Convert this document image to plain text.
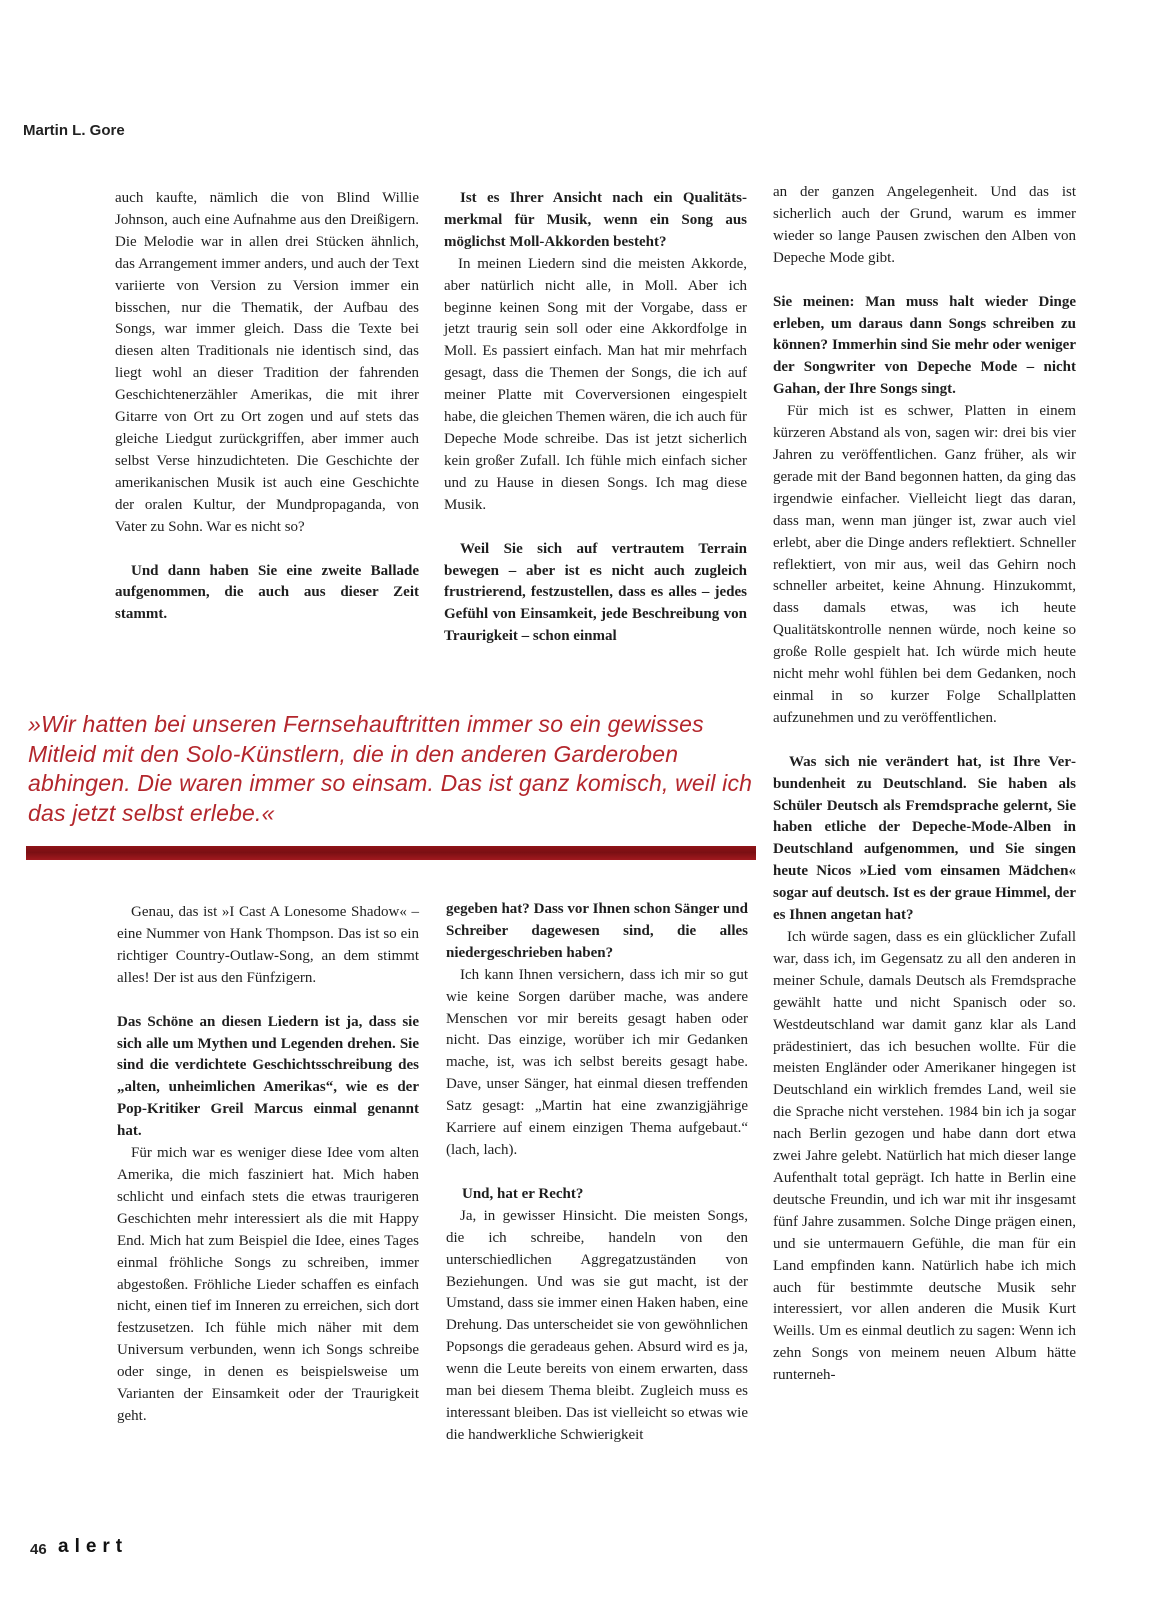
Martin L. Gore

auch kaufte, nämlich die von Blind Willie Johnson, auch eine Aufnahme aus den Dreißigern. Die Melodie war in allen drei Stücken ähnlich, das Arrangement immer anders, und auch der Text variierte von Version zu Version immer ein bisschen, nur die Thematik, der Aufbau des Songs, war immer gleich. Dass die Texte bei diesen alten Traditionals nie identisch sind, das liegt wohl an dieser Tradition der fahrenden Geschichtenerzähler Amerikas, die mit ihrer Gitarre von Ort zu Ort zogen und auf stets das gleiche Liedgut zurückgriffen, aber immer auch selbst Verse hinzudichteten. Die Geschichte der amerikanischen Musik ist auch eine Geschichte der oralen Kultur, der Mundpropaganda, von Vater zu Sohn. War es nicht so?

Und dann haben Sie eine zweite Ballade aufgenommen, die auch aus dieser Zeit stammt.

Ist es Ihrer Ansicht nach ein Qualitätsmerkmal für Musik, wenn ein Song aus möglichst Moll-Akkorden besteht?

In meinen Liedern sind die meisten Akkorde, aber natürlich nicht alle, in Moll. Aber ich beginne keinen Song mit der Vorgabe, dass er jetzt traurig sein soll oder eine Akkordfolge in Moll. Es passiert einfach. Man hat mir mehrfach gesagt, dass die Themen der Songs, die ich auf meiner Platte mit Coverversionen eingespielt habe, die gleichen Themen wären, die ich auch für Depeche Mode schreibe. Das ist jetzt sicherlich kein großer Zufall. Ich fühle mich einfach sicher und zu Hause in diesen Songs. Ich mag diese Musik.

Weil Sie sich auf vertrautem Terrain bewegen – aber ist es nicht auch zugleich frustrierend, festzustellen, dass es alles – jedes Gefühl von Einsamkeit, jede Beschreibung von Traurigkeit – schon einmal

an der ganzen Angelegenheit. Und das ist sicherlich auch der Grund, warum es immer wieder so lange Pausen zwischen den Alben von Depeche Mode gibt.

Sie meinen: Man muss halt wieder Dinge erleben, um daraus dann Songs schreiben zu können? Immerhin sind Sie mehr oder weniger der Songwriter von Depeche Mode – nicht Gahan, der Ihre Songs singt.

Für mich ist es schwer, Platten in einem kürzeren Abstand als von, sagen wir: drei bis vier Jahren zu veröffentlichen. Ganz früher, als wir gerade mit der Band begonnen hatten, da ging das irgendwie einfacher. Vielleicht liegt das daran, dass man, wenn man jünger ist, zwar auch viel erlebt, aber die Dinge anders reflektiert. Schneller reflektiert, von mir aus, weil das Gehirn noch schneller arbeitet, keine Ahnung. Hinzukommt, dass damals etwas, was ich heute Qualitätskontrolle nennen würde, noch keine so große Rolle gespielt hat. Ich würde mich heute nicht mehr wohl fühlen bei dem Gedanken, noch einmal in so kurzer Folge Schallplatten aufzunehmen und zu veröffentlichen.

Was sich nie verändert hat, ist Ihre Verbundenheit zu Deutschland. Sie haben als Schüler Deutsch als Fremdsprache gelernt, Sie haben etliche der Depeche-Mode-Alben in Deutschland aufgenommen, und Sie singen heute Nicos »Lied vom einsamen Mädchen« sogar auf deutsch. Ist es der graue Himmel, der es Ihnen angetan hat?

Ich würde sagen, dass es ein glücklicher Zufall war, dass ich, im Gegensatz zu all den anderen in meiner Schule, damals Deutsch als Fremdsprache gewählt hatte und nicht Spanisch oder so. Westdeutschland war damit ganz klar als Land prädestiniert, das ich besuchen wollte. Für die meisten Engländer oder Amerikaner hingegen ist Deutschland ein wirklich fremdes Land, weil sie die Sprache nicht verstehen. 1984 bin ich ja sogar nach Berlin gezogen und habe dann dort etwa zwei Jahre gelebt. Natürlich hat mich dieser lange Aufenthalt total geprägt. Ich hatte in Berlin eine deutsche Freundin, und ich war mit ihr insgesamt fünf Jahre zusammen. Solche Dinge prägen einen, und sie untermauern Gefühle, die man für ein Land empfinden kann. Natürlich habe ich mich auch für bestimmte deutsche Musik sehr interessiert, vor allen anderen die Musik Kurt Weills. Um es einmal deutlich zu sagen: Wenn ich zehn Songs von meinem neuen Album hätte runterneh-

»Wir hatten bei unseren Fernsehauftritten immer so ein gewisses Mitleid mit den Solo-Künstlern, die in den anderen Garderoben abhingen. Die waren immer so einsam. Das ist ganz komisch, weil ich das jetzt selbst erlebe.«

Genau, das ist »I Cast A Lonesome Shadow« – eine Nummer von Hank Thompson. Das ist so ein richtiger Country-Outlaw-Song, an dem stimmt alles! Der ist aus den Fünfzigern.

Das Schöne an diesen Liedern ist ja, dass sie sich alle um Mythen und Legenden drehen. Sie sind die verdichtete Geschichtsschreibung des „alten, unheimlichen Amerikas“, wie es der Pop-Kritiker Greil Marcus einmal genannt hat.

Für mich war es weniger diese Idee vom alten Amerika, die mich fasziniert hat. Mich haben schlicht und einfach stets die etwas traurigeren Geschichten mehr interessiert als die mit Happy End. Mich hat zum Beispiel die Idee, eines Tages einmal fröhliche Songs zu schreiben, immer abgestoßen. Fröhliche Lieder schaffen es einfach nicht, einen tief im Inneren zu erreichen, sich dort festzusetzen. Ich fühle mich näher mit dem Universum verbunden, wenn ich Songs schreibe oder singe, in denen es beispielsweise um Varianten der Einsamkeit oder der Traurigkeit geht.

gegeben hat? Dass vor Ihnen schon Sänger und Schreiber dagewesen sind, die alles niedergeschrieben haben?

Ich kann Ihnen versichern, dass ich mir so gut wie keine Sorgen darüber mache, was andere Menschen vor mir bereits gesagt haben oder nicht. Das einzige, worüber ich mir Gedanken mache, ist, was ich selbst bereits gesagt habe. Dave, unser Sänger, hat einmal diesen treffenden Satz gesagt: „Martin hat eine zwanzigjährige Karriere auf einem einzigen Thema aufgebaut.“ (lach, lach).

Und, hat er Recht?

Ja, in gewisser Hinsicht. Die meisten Songs, die ich schreibe, handeln von den unterschiedlichen Aggregatzuständen von Beziehungen. Und was sie gut macht, ist der Umstand, dass sie immer einen Haken haben, eine Drehung. Das unterscheidet sie von gewöhnlichen Popsongs die geradeaus gehen. Absurd wird es ja, wenn die Leute bereits von einem erwarten, dass man bei diesem Thema bleibt. Zugleich muss es interessant bleiben. Das ist vielleicht so etwas wie die handwerkliche Schwierigkeit

46 alert
